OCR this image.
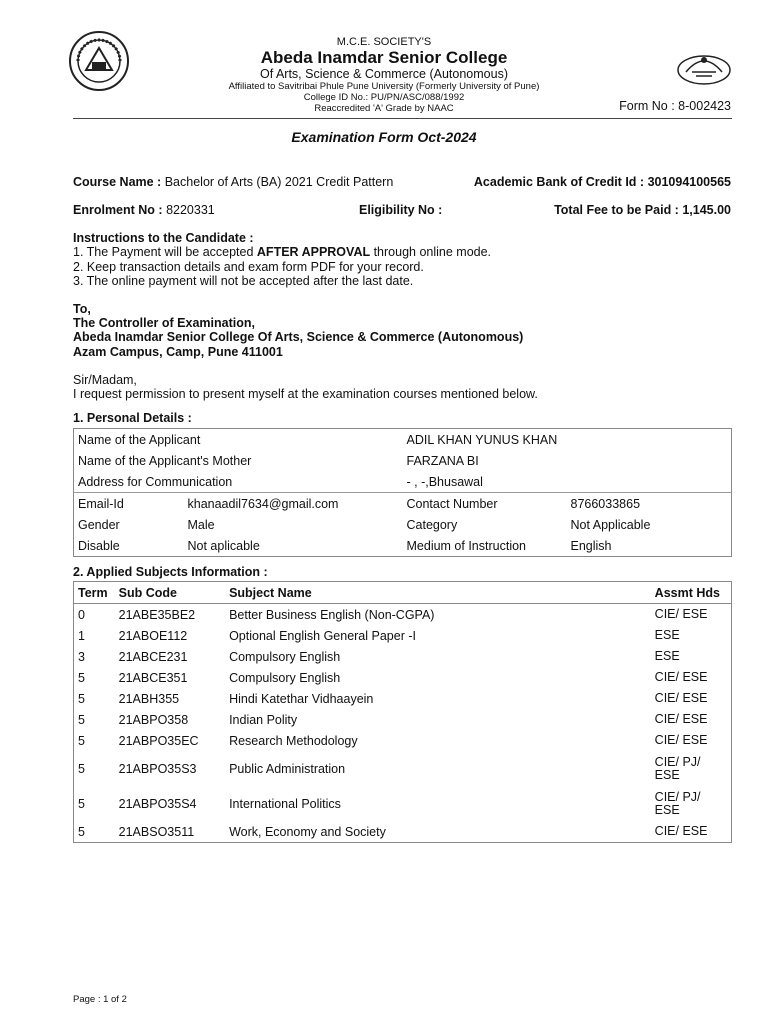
M.C.E. SOCIETY'S
Abeda Inamdar Senior College
Of Arts, Science & Commerce (Autonomous)
Affiliated to Savitribai Phule Pune University (Formerly University of Pune)
College ID No.: PU/PN/ASC/088/1992
Reaccredited 'A' Grade by NAAC	Form No : 8-002423
Examination Form Oct-2024
Course Name : Bachelor of Arts (BA) 2021 Credit Pattern	Academic Bank of Credit Id : 301094100565
Enrolment No : 8220331	Eligibility No :	Total Fee to be Paid : 1,145.00
Instructions to the Candidate :
1. The Payment will be accepted AFTER APPROVAL through online mode.
2. Keep transaction details and exam form PDF for your record.
3. The online payment will not be accepted after the last date.
To,
The Controller of Examination,
Abeda Inamdar Senior College Of Arts, Science & Commerce (Autonomous)
Azam Campus, Camp, Pune 411001
Sir/Madam,
I request permission to present myself at the examination courses mentioned below.
1. Personal Details :
Name of the Applicant		ADIL KHAN YUNUS KHAN	
Name of the Applicant's Mother		FARZANA BI	
Address for Communication		- , -,Bhusawal	
Email-Id	khanaadil7634@gmail.com	Contact Number	8766033865
Gender	Male	Category	Not Applicable
Disable	Not aplicable	Medium of Instruction	English
2. Applied Subjects Information :
Term	Sub Code	Subject Name	Assmt Hds
0	21ABE35BE2	Better Business English (Non-CGPA)	CIE/ ESE
1	21ABOE112	Optional English General Paper -I	ESE
3	21ABCE231	Compulsory English	ESE
5	21ABCE351	Compulsory English	CIE/ ESE
5	21ABH355	Hindi Katethar Vidhaayein	CIE/ ESE
5	21ABPO358	Indian Polity	CIE/ ESE
5	21ABPO35EC	Research Methodology	CIE/ ESE
5	21ABPO35S3	Public Administration	CIE/ PJ/ ESE
5	21ABPO35S4	International Politics	CIE/ PJ/ ESE
5	21ABSO3511	Work, Economy and Society	CIE/ ESE
Page : 1 of 2
